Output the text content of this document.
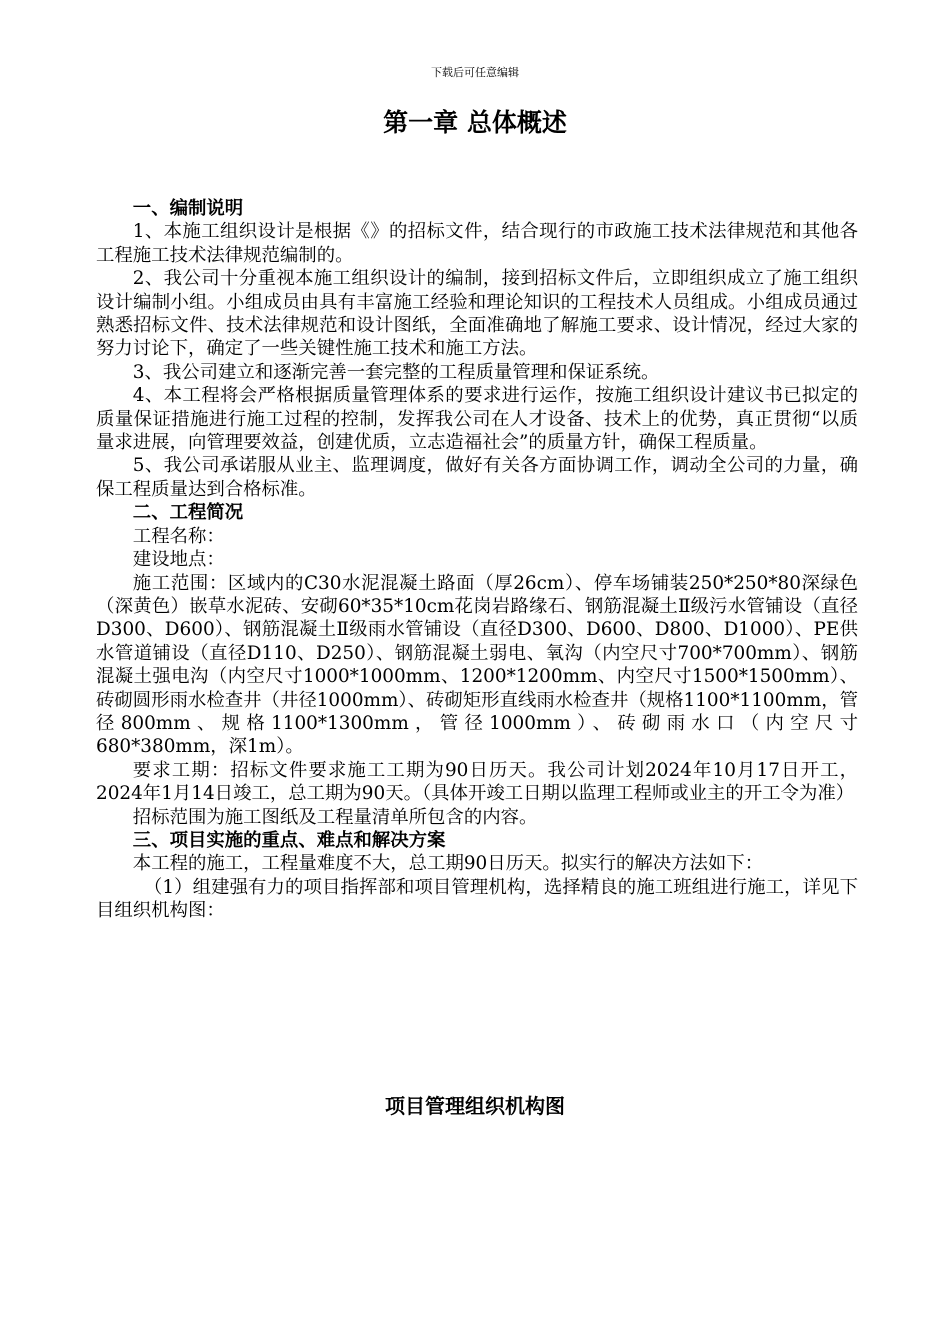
下载后可任意编辑
第一章 总体概述

一、编制说明

1、本施工组织设计是根据《》的招标文件，结合现行的市政施工技术法律规范和其他各工程施工技术法律规范编制的。

2、我公司十分重视本施工组织设计的编制，接到招标文件后，立即组织成立了施工组织设计编制小组。小组成员由具有丰富施工经验和理论知识的工程技术人员组成。小组成员通过熟悉招标文件、技术法律规范和设计图纸，全面准确地了解施工要求、设计情况，经过大家的努力讨论下，确定了一些关键性施工技术和施工方法。

3、我公司建立和逐渐完善一套完整的工程质量管理和保证系统。

4、本工程将会严格根据质量管理体系的要求进行运作，按施工组织设计建议书已拟定的质量保证措施进行施工过程的控制，发挥我公司在人才设备、技术上的优势，真正贯彻“以质量求进展，向管理要效益，创建优质，立志造福社会”的质量方针，确保工程质量。

5、我公司承诺服从业主、监理调度，做好有关各方面协调工作，调动全公司的力量，确保工程质量达到合格标准。

二、工程简况

工程名称：

建设地点：

施工范围：区域内的C30水泥混凝土路面（厚26cm）、停车场铺装250*250*80深绿色（深黄色）嵌草水泥砖、安砌60*35*10cm花岗岩路缘石、钢筋混凝土Ⅱ级污水管铺设（直径D300、D600）、钢筋混凝土Ⅱ级雨水管铺设（直径D300、D600、D800、D1000）、PE供水管道铺设（直径D110、D250）、钢筋混凝土弱电、氧沟（内空尺寸700*700mm）、钢筋混凝土强电沟（内空尺寸1000*1000mm、1200*1200mm、内空尺寸1500*1500mm）、砖砌圆形雨水检查井（井径1000mm）、砖砌矩形直线雨水检查井（规格1100*1100mm，管径800mm、规格1100*1300mm，管径1000mm）、砖砌雨水口（内空尺寸680*380mm，深1m）。

要求工期：招标文件要求施工工期为90日历天。我公司计划2024年10月17日开工，2024年1月14日竣工，总工期为90天。（具体开竣工日期以监理工程师或业主的开工令为准）

招标范围为施工图纸及工程量清单所包含的内容。

三、项目实施的重点、难点和解决方案

本工程的施工，工程量难度不大，总工期90日历天。拟实行的解决方法如下：

（1）组建强有力的项目指挥部和项目管理机构，选择精良的施工班组进行施工，详见下目组织机构图：

项目管理组织机构图
